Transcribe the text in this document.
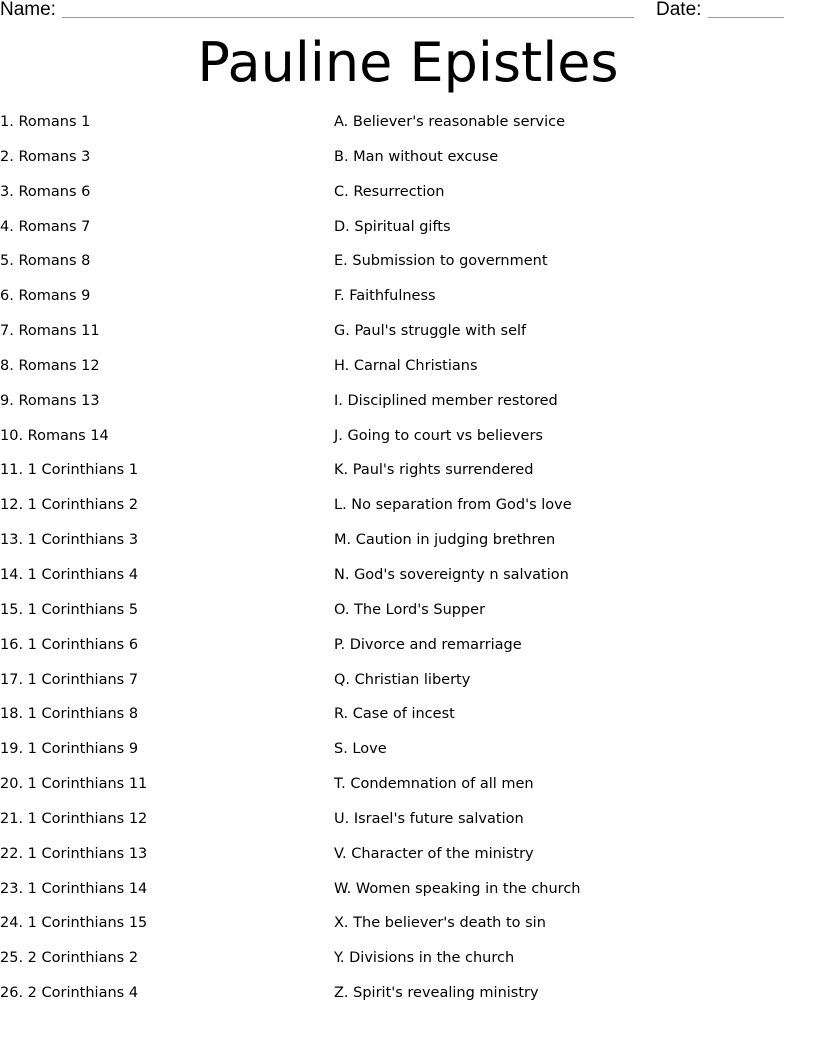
Name:	Date:
Pauline Epistles
1. Romans 1
2. Romans 3
3. Romans 6
4. Romans 7
5. Romans 8
6. Romans 9
7. Romans 11
8. Romans 12
9. Romans 13
10. Romans 14
11. 1 Corinthians 1
12. 1 Corinthians 2
13. 1 Corinthians 3
14. 1 Corinthians 4
15. 1 Corinthians 5
16. 1 Corinthians 6
17. 1 Corinthians 7
18. 1 Corinthians 8
19. 1 Corinthians 9
20. 1 Corinthians 11
21. 1 Corinthians 12
22. 1 Corinthians 13
23. 1 Corinthians 14
24. 1 Corinthians 15
25. 2 Corinthians 2
26. 2 Corinthians 4
A. Believer's reasonable service
B. Man without excuse
C. Resurrection
D. Spiritual gifts
E. Submission to government
F. Faithfulness
G. Paul's struggle with self
H. Carnal Christians
I. Disciplined member restored
J. Going to court vs believers
K. Paul's rights surrendered
L. No separation from God's love
M. Caution in judging brethren
N. God's sovereignty n salvation
O. The Lord's Supper
P. Divorce and remarriage
Q. Christian liberty
R. Case of incest
S. Love
T. Condemnation of all men
U. Israel's future salvation
V. Character of the ministry
W. Women speaking in the church
X. The believer's death to sin
Y. Divisions in the church
Z. Spirit's revealing ministry
